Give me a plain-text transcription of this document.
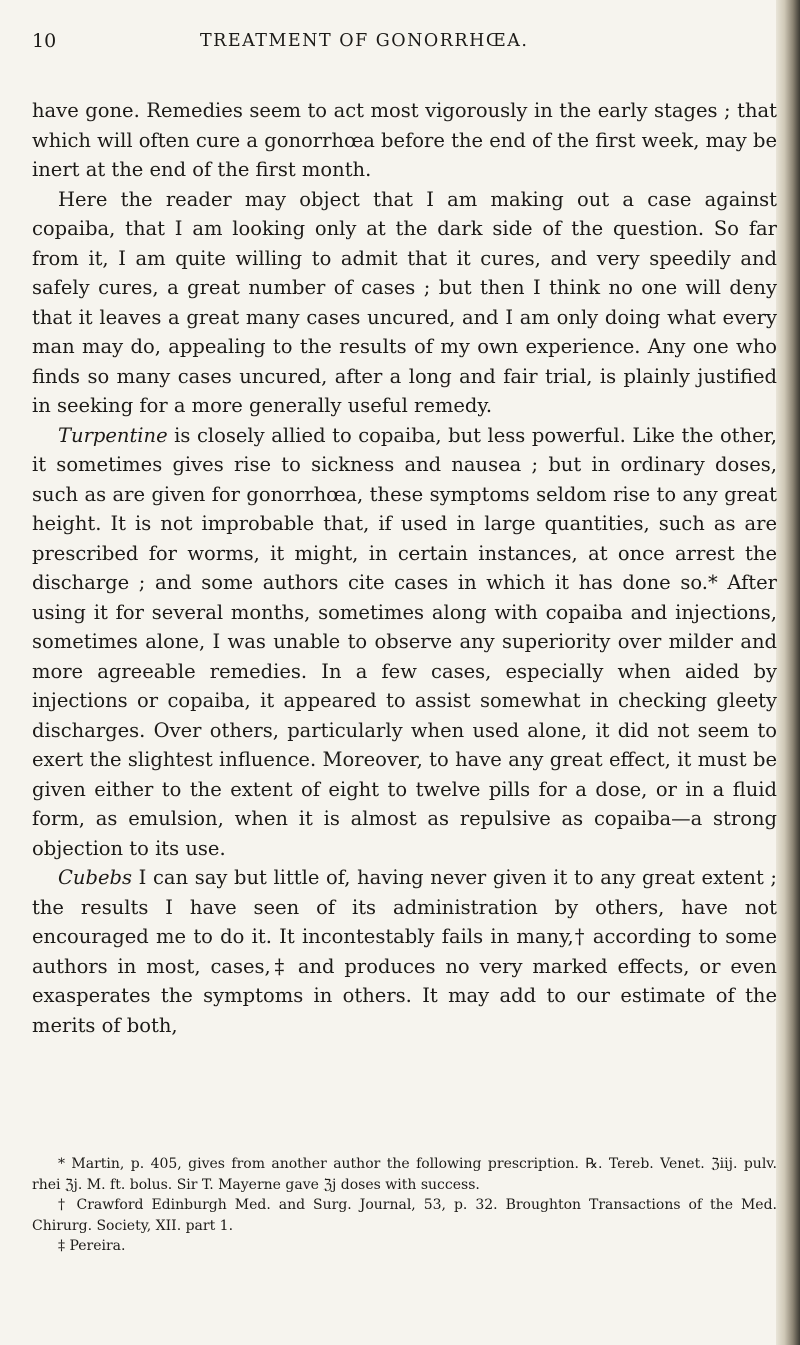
10	TREATMENT OF GONORRHŒA.

have gone. Remedies seem to act most vigorously in the early stages ; that which will often cure a gonorrhœa before the end of the first week, may be inert at the end of the first month.

Here the reader may object that I am making out a case against copaiba, that I am looking only at the dark side of the question. So far from it, I am quite willing to admit that it cures, and very speedily and safely cures, a great number of cases ; but then I think no one will deny that it leaves a great many cases uncured, and I am only doing what every man may do, appealing to the results of my own experience. Any one who finds so many cases uncured, after a long and fair trial, is plainly justified in seeking for a more generally useful remedy.

Turpentine is closely allied to copaiba, but less powerful. Like the other, it sometimes gives rise to sickness and nausea ; but in ordinary doses, such as are given for gonorrhœa, these symptoms seldom rise to any great height. It is not improbable that, if used in large quantities, such as are prescribed for worms, it might, in certain instances, at once arrest the discharge ; and some authors cite cases in which it has done so.* After using it for several months, sometimes along with copaiba and injections, sometimes alone, I was unable to observe any superiority over milder and more agreeable remedies. In a few cases, especially when aided by injections or copaiba, it appeared to assist somewhat in checking gleety discharges. Over others, particularly when used alone, it did not seem to exert the slightest influence. Moreover, to have any great effect, it must be given either to the extent of eight to twelve pills for a dose, or in a fluid form, as emulsion, when it is almost as repulsive as copaiba—a strong objection to its use.

Cubebs I can say but little of, having never given it to any great extent ; the results I have seen of its administration by others, have not encouraged me to do it. It incontestably fails in many,† according to some authors in most, cases,‡ and produces no very marked effects, or even exasperates the symptoms in others. It may add to our estimate of the merits of both,

* Martin, p. 405, gives from another author the following prescription. ℞. Tereb. Venet. ℨiij. pulv. rhei ℨj. M. ft. bolus. Sir T. Mayerne gave ℨj doses with success.

† Crawford Edinburgh Med. and Surg. Journal, 53, p. 32. Broughton Transactions of the Med. Chirurg. Society, XII. part 1.

‡ Pereira.
